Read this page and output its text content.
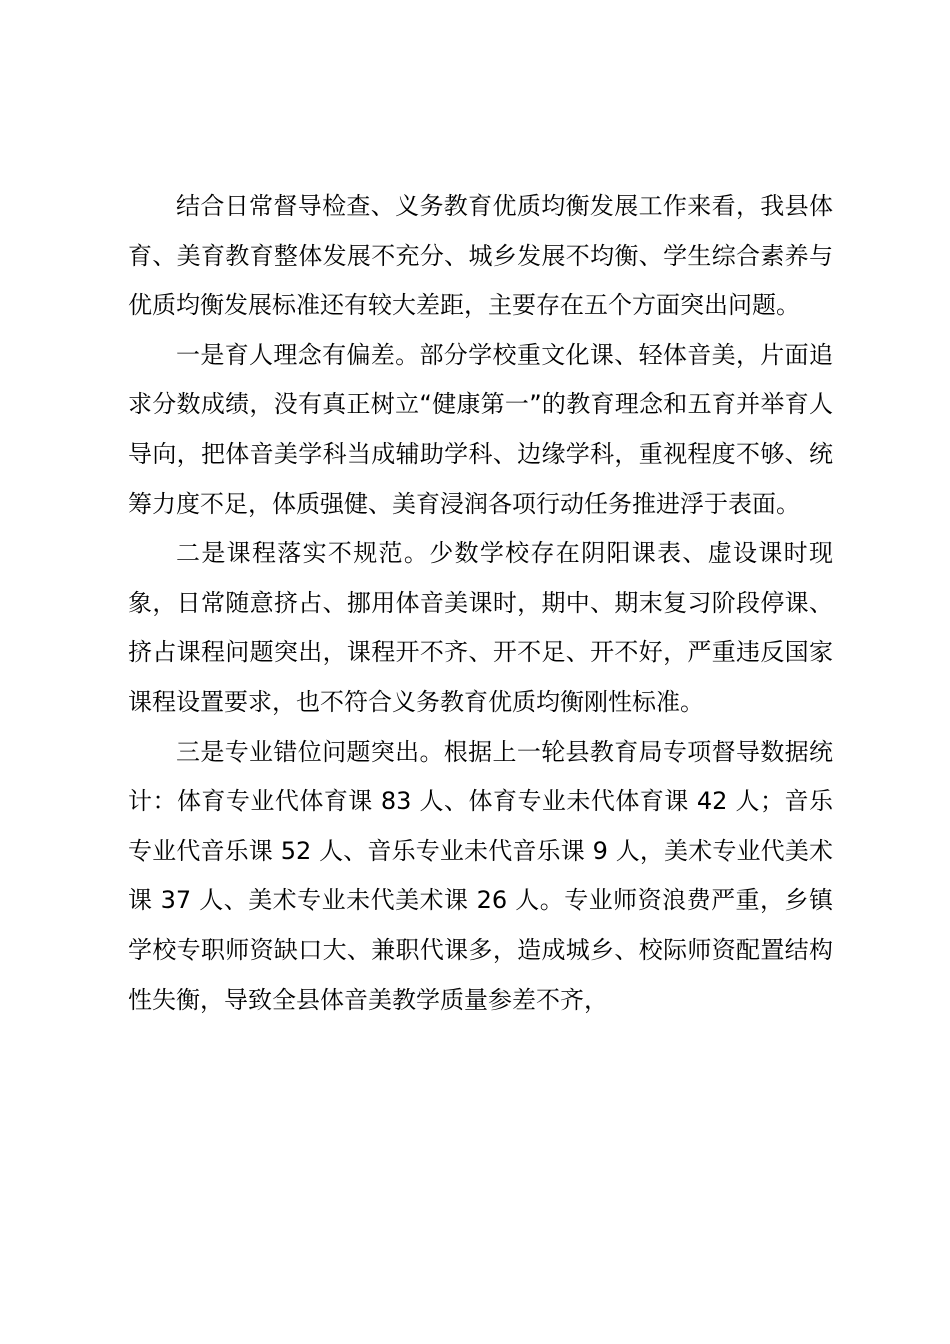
结合日常督导检查、义务教育优质均衡发展工作来看，我县体育、美育教育整体发展不充分、城乡发展不均衡、学生综合素养与优质均衡发展标准还有较大差距，主要存在五个方面突出问题。

一是育人理念有偏差。部分学校重文化课、轻体音美，片面追求分数成绩，没有真正树立“健康第一”的教育理念和五育并举育人导向，把体音美学科当成辅助学科、边缘学科，重视程度不够、统筹力度不足，体质强健、美育浸润各项行动任务推进浮于表面。

二是课程落实不规范。少数学校存在阴阳课表、虚设课时现象，日常随意挤占、挪用体音美课时，期中、期末复习阶段停课、挤占课程问题突出，课程开不齐、开不足、开不好，严重违反国家课程设置要求，也不符合义务教育优质均衡刚性标准。

三是专业错位问题突出。根据上一轮县教育局专项督导数据统计：体育专业代体育课 83 人、体育专业未代体育课 42 人；音乐专业代音乐课 52 人、音乐专业未代音乐课 9 人，美术专业代美术课 37 人、美术专业未代美术课 26 人。专业师资浪费严重，乡镇学校专职师资缺口大、兼职代课多，造成城乡、校际师资配置结构性失衡，导致全县体音美教学质量参差不齐，
